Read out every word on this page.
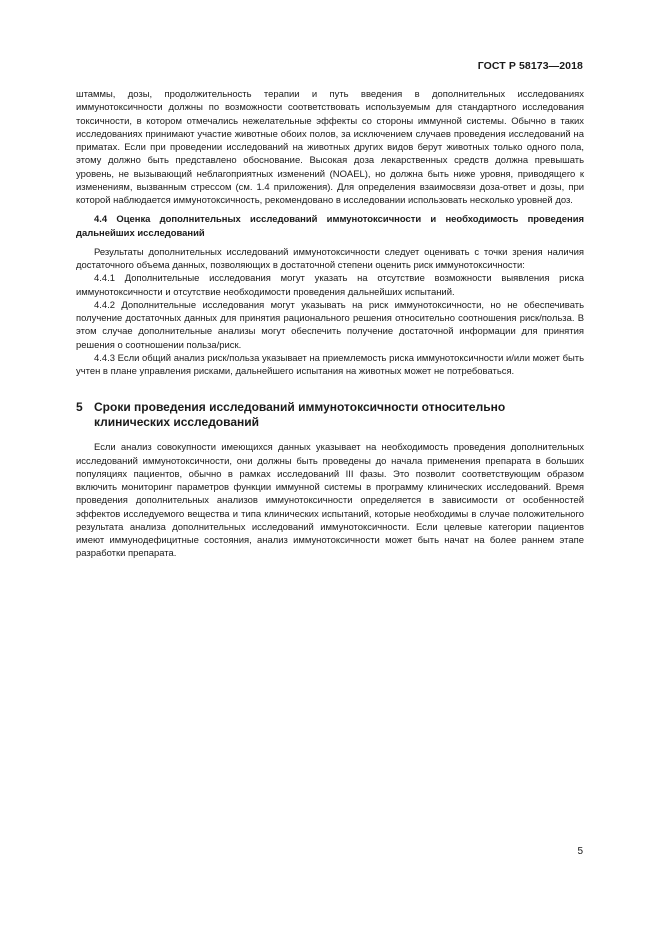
ГОСТ Р 58173—2018

штаммы, дозы, продолжительность терапии и путь введения в дополнительных исследованиях иммунотоксичности должны по возможности соответствовать используемым для стандартного исследования токсичности, в котором отмечались нежелательные эффекты со стороны иммунной системы. Обычно в таких исследованиях принимают участие животные обоих полов, за исключением случаев проведения исследований на приматах. Если при проведении исследований на животных других видов берут животных только одного пола, этому должно быть представлено обоснование. Высокая доза лекарственных средств должна превышать уровень, не вызывающий неблагоприятных изменений (NOAEL), но должна быть ниже уровня, приводящего к изменениям, вызванным стрессом (см. 1.4 приложения). Для определения взаимосвязи доза-ответ и дозы, при которой наблюдается иммунотоксичность, рекомендовано в исследовании использовать несколько уровней доз.

4.4 Оценка дополнительных исследований иммунотоксичности и необходимость проведения дальнейших исследований

Результаты дополнительных исследований иммунотоксичности следует оценивать с точки зрения наличия достаточного объема данных, позволяющих в достаточной степени оценить риск иммунотоксичности:

4.4.1 Дополнительные исследования могут указать на отсутствие возможности выявления риска иммунотоксичности и отсутствие необходимости проведения дальнейших испытаний.

4.4.2 Дополнительные исследования могут указывать на риск иммунотоксичности, но не обеспечивать получение достаточных данных для принятия рационального решения относительно соотношения риск/польза. В этом случае дополнительные анализы могут обеспечить получение достаточной информации для принятия решения о соотношении польза/риск.

4.4.3 Если общий анализ риск/польза указывает на приемлемость риска иммунотоксичности и/или может быть учтен в плане управления рисками, дальнейшего испытания на животных может не потребоваться.

5 Сроки проведения исследований иммунотоксичности относительно клинических исследований

Если анализ совокупности имеющихся данных указывает на необходимость проведения дополнительных исследований иммунотоксичности, они должны быть проведены до начала применения препарата в больших популяциях пациентов, обычно в рамках исследований III фазы. Это позволит соответствующим образом включить мониторинг параметров функции иммунной системы в программу клинических исследований. Время проведения дополнительных анализов иммунотоксичности определяется в зависимости от особенностей эффектов исследуемого вещества и типа клинических испытаний, которые необходимы в случае положительного результата анализа дополнительных исследований иммунотоксичности. Если целевые категории пациентов имеют иммунодефицитные состояния, анализ иммунотоксичности может быть начат на более раннем этапе разработки препарата.

5
